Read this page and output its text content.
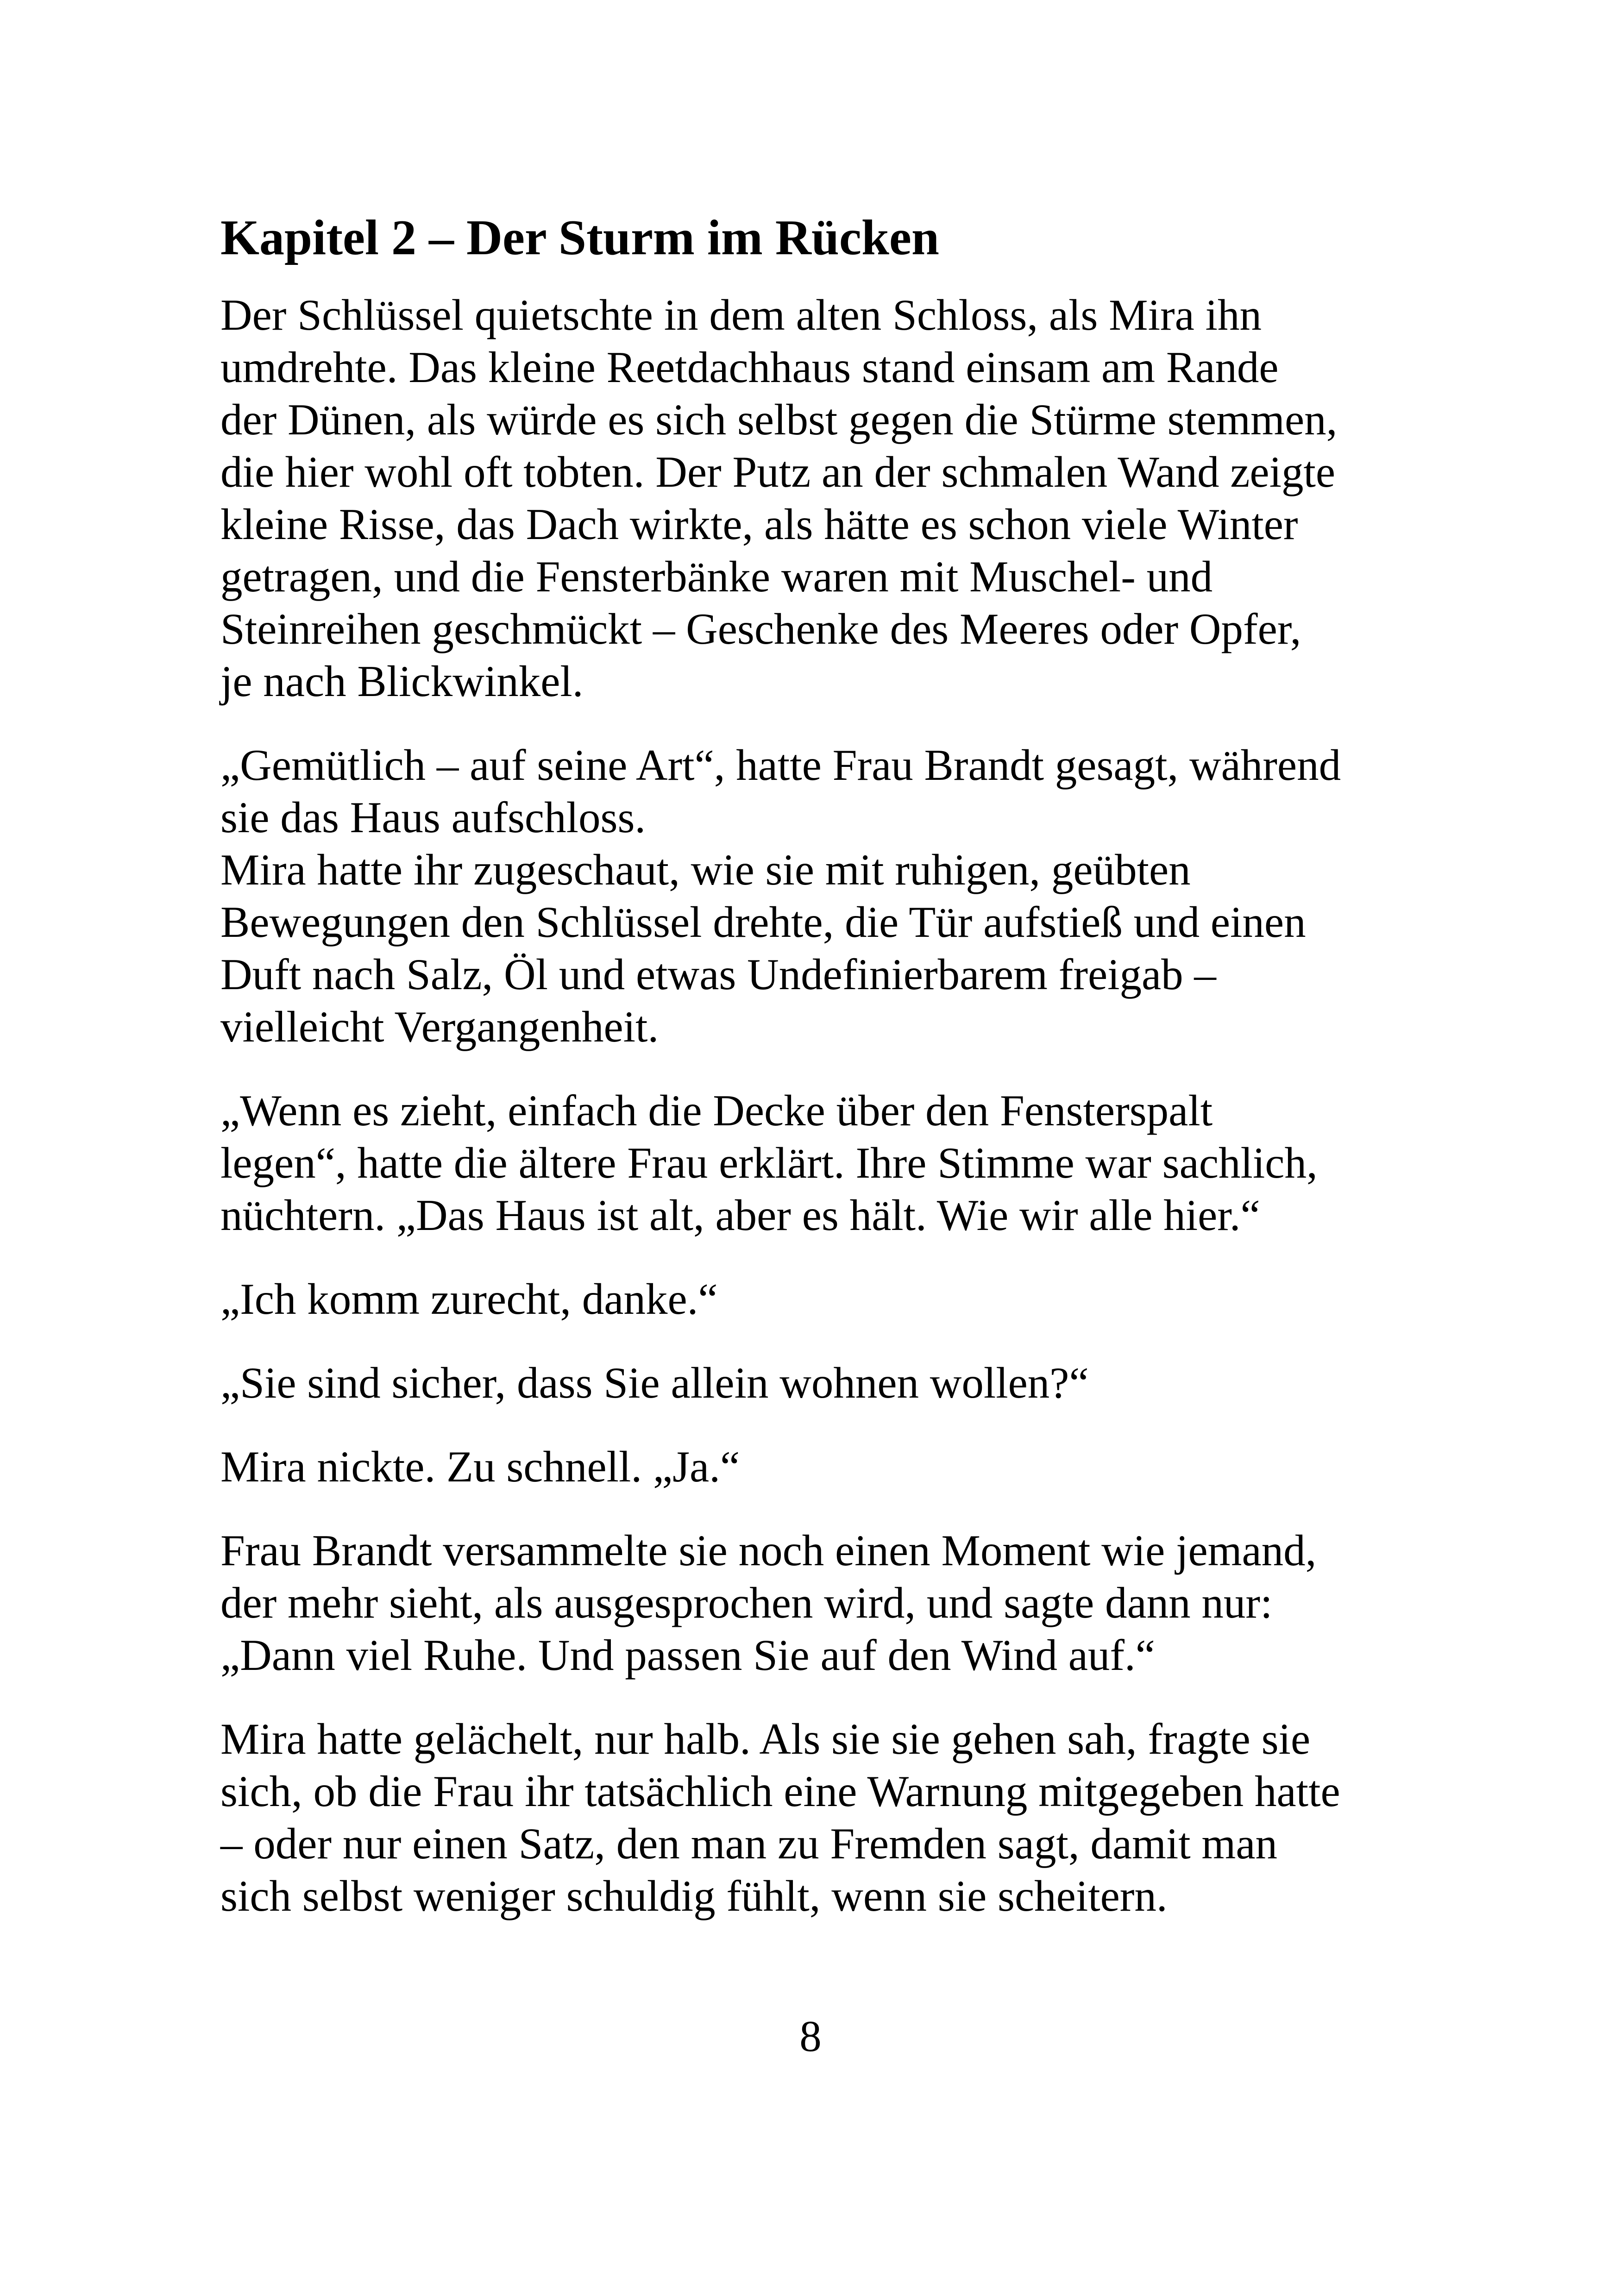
Kapitel 2 – Der Sturm im Rücken

Der Schlüssel quietschte in dem alten Schloss, als Mira ihn
umdrehte. Das kleine Reetdachhaus stand einsam am Rande
der Dünen, als würde es sich selbst gegen die Stürme stemmen,
die hier wohl oft tobten. Der Putz an der schmalen Wand zeigte
kleine Risse, das Dach wirkte, als hätte es schon viele Winter
getragen, und die Fensterbänke waren mit Muschel- und
Steinreihen geschmückt – Geschenke des Meeres oder Opfer,
je nach Blickwinkel.

„Gemütlich – auf seine Art“, hatte Frau Brandt gesagt, während
sie das Haus aufschloss.
Mira hatte ihr zugeschaut, wie sie mit ruhigen, geübten
Bewegungen den Schlüssel drehte, die Tür aufstieß und einen
Duft nach Salz, Öl und etwas Undefinierbarem freigab –
vielleicht Vergangenheit.

„Wenn es zieht, einfach die Decke über den Fensterspalt
legen“, hatte die ältere Frau erklärt. Ihre Stimme war sachlich,
nüchtern. „Das Haus ist alt, aber es hält. Wie wir alle hier.“

„Ich komm zurecht, danke.“

„Sie sind sicher, dass Sie allein wohnen wollen?“

Mira nickte. Zu schnell. „Ja.“

Frau Brandt versammelte sie noch einen Moment wie jemand,
der mehr sieht, als ausgesprochen wird, und sagte dann nur:
„Dann viel Ruhe. Und passen Sie auf den Wind auf.“

Mira hatte gelächelt, nur halb. Als sie sie gehen sah, fragte sie
sich, ob die Frau ihr tatsächlich eine Warnung mitgegeben hatte
– oder nur einen Satz, den man zu Fremden sagt, damit man
sich selbst weniger schuldig fühlt, wenn sie scheitern.

8
